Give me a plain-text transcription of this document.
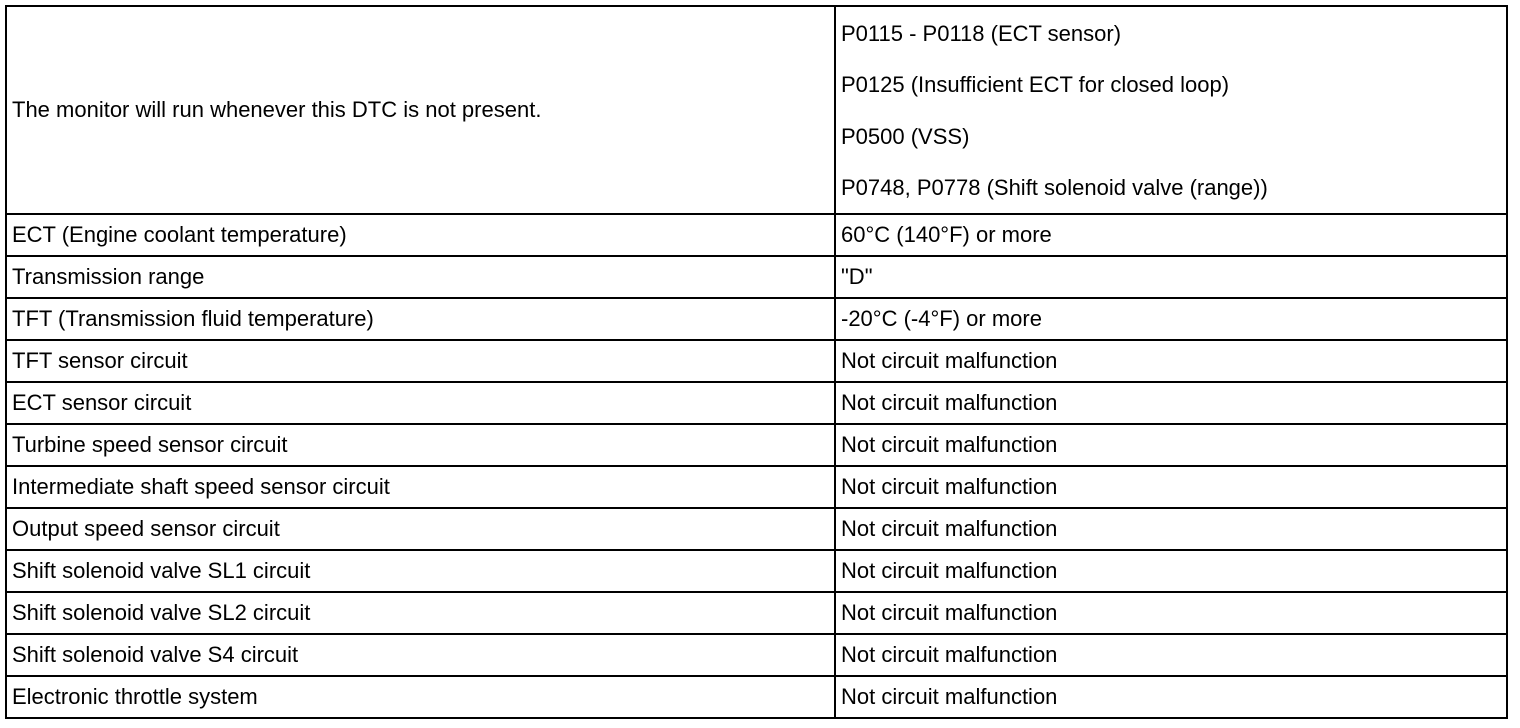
The monitor will run whenever this DTC is not present.	P0115 - P0118 (ECT sensor)
P0125 (Insufficient ECT for closed loop)
P0500 (VSS)
P0748, P0778 (Shift solenoid valve (range))

ECT (Engine coolant temperature)	60°C (140°F) or more
Transmission range	"D"
TFT (Transmission fluid temperature)	-20°C (-4°F) or more
TFT sensor circuit	Not circuit malfunction
ECT sensor circuit	Not circuit malfunction
Turbine speed sensor circuit	Not circuit malfunction
Intermediate shaft speed sensor circuit	Not circuit malfunction
Output speed sensor circuit	Not circuit malfunction
Shift solenoid valve SL1 circuit	Not circuit malfunction
Shift solenoid valve SL2 circuit	Not circuit malfunction
Shift solenoid valve S4 circuit	Not circuit malfunction
Electronic throttle system	Not circuit malfunction
